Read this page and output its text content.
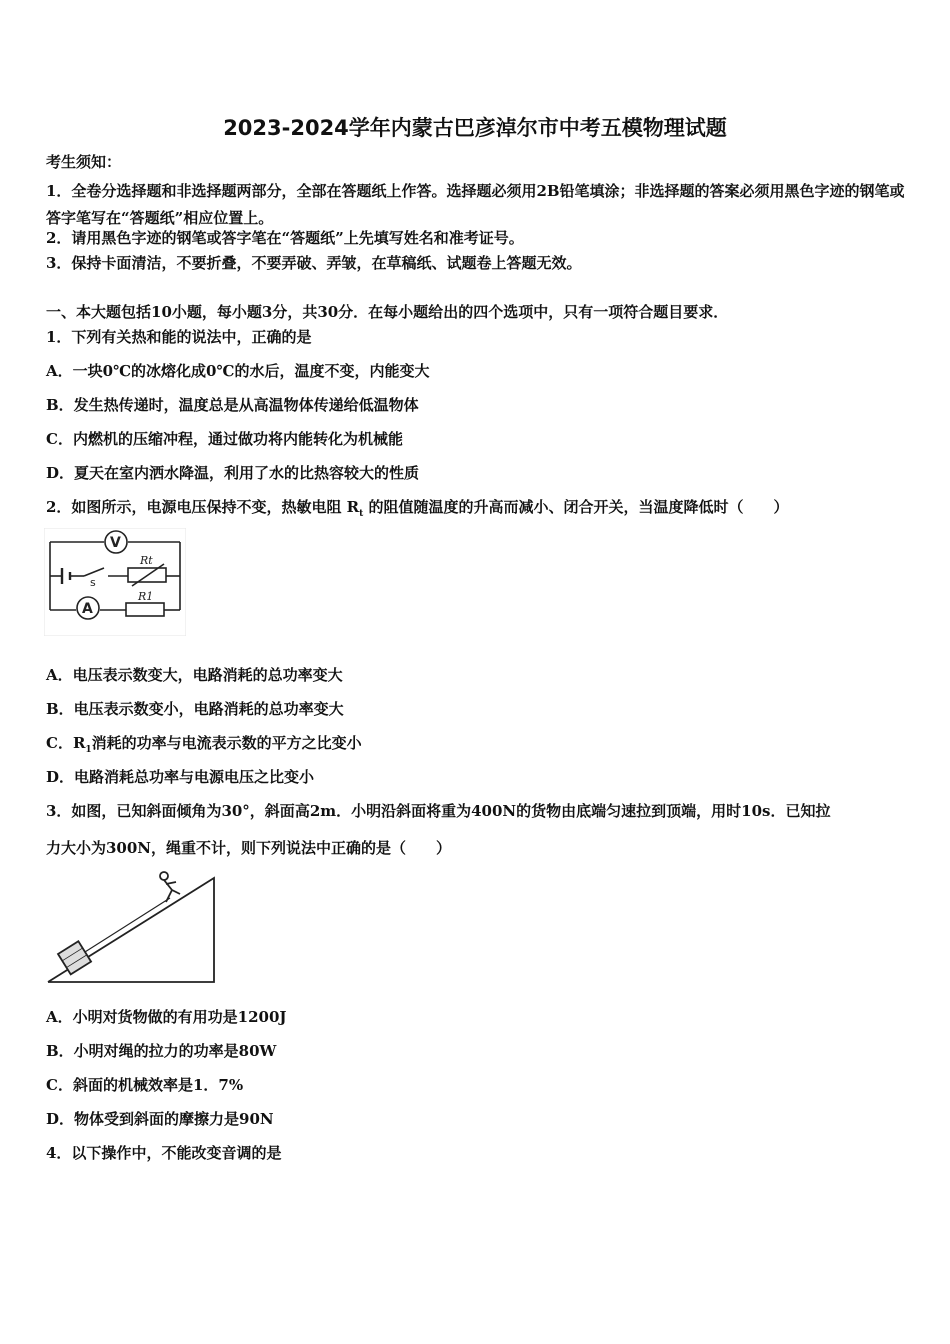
2023-2024学年内蒙古巴彦淖尔市中考五模物理试题
考生须知：
1．全卷分选择题和非选择题两部分，全部在答题纸上作答。选择题必须用2B铅笔填涂；非选择题的答案必须用黑色字迹的钢笔或答字笔写在“答题纸”相应位置上。
2．请用黑色字迹的钢笔或答字笔在“答题纸”上先填写姓名和准考证号。
3．保持卡面清洁，不要折叠，不要弄破、弄皱，在草稿纸、试题卷上答题无效。
一、本大题包括10小题，每小题3分，共30分．在每小题给出的四个选项中，只有一项符合题目要求．
1．下列有关热和能的说法中，正确的是
A．一块0℃的冰熔化成0℃的水后，温度不变，内能变大
B．发生热传递时，温度总是从高温物体传递给低温物体
C．内燃机的压缩冲程，通过做功将内能转化为机械能
D．夏天在室内洒水降温，利用了水的比热容较大的性质
2．如图所示，电源电压保持不变，热敏电阻 $R_t$ 的阻值随温度的升高而减小、闭合开关，当温度降低时（　　）
V
A
s
Rt
R1
A．电压表示数变大，电路消耗的总功率变大
B．电压表示数变小，电路消耗的总功率变大
C．$R_1$消耗的功率与电流表示数的平方之比变小
D．电路消耗总功率与电源电压之比变小
3．如图，已知斜面倾角为30°，斜面高2m．小明沿斜面将重为400N的货物由底端匀速拉到顶端，用时10s．已知拉
力大小为300N，绳重不计，则下列说法中正确的是（　　）
A．小明对货物做的有用功是1200J
B．小明对绳的拉力的功率是80W
C．斜面的机械效率是1．7%
D．物体受到斜面的摩擦力是90N
4．以下操作中，不能改变音调的是
